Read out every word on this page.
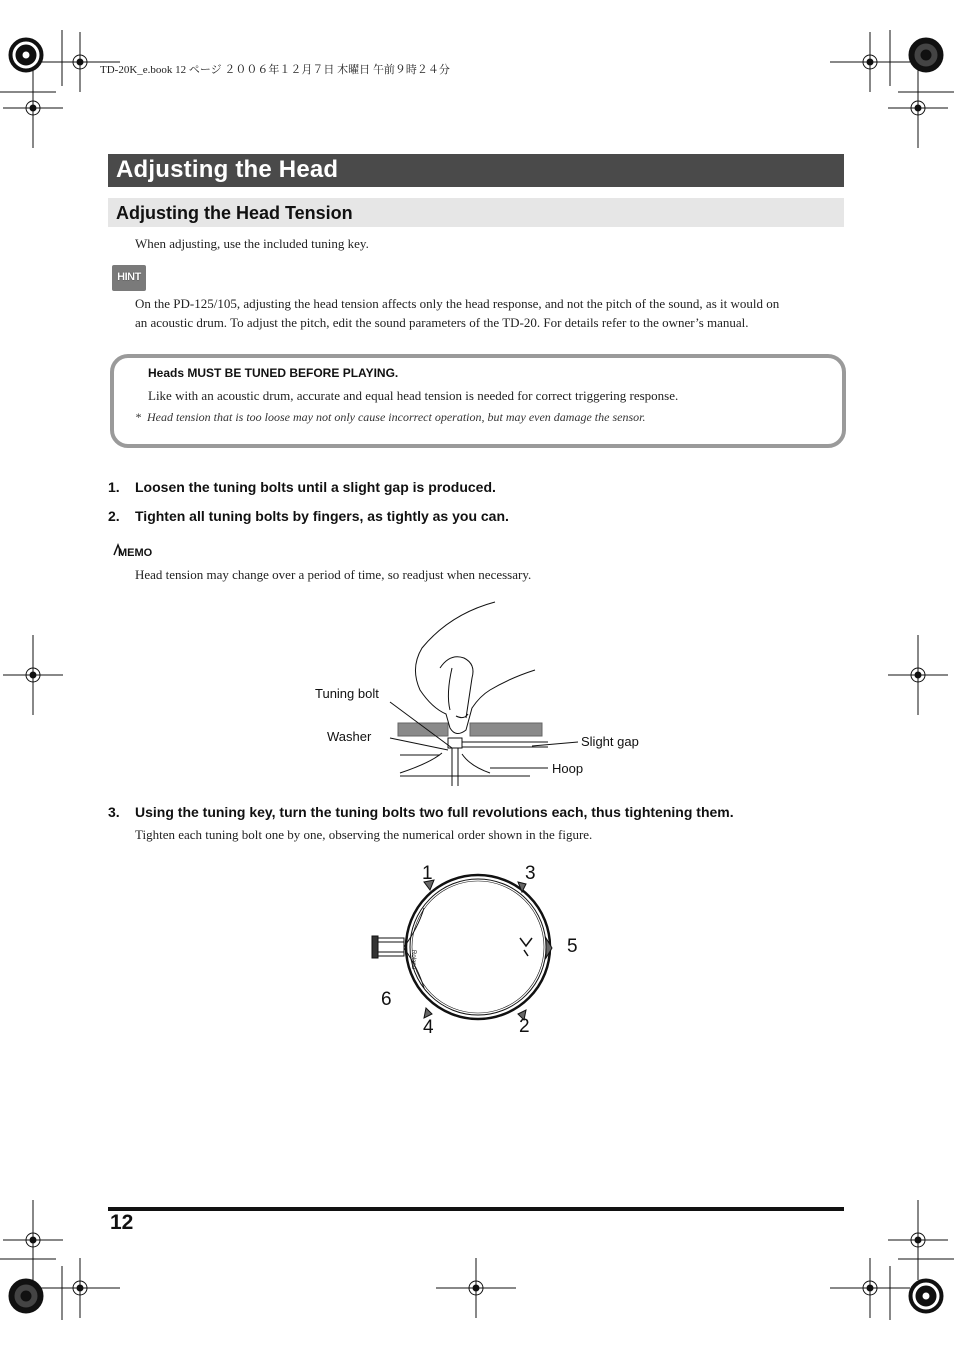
TD-20K_e.book 12 ページ ２００６年１２月７日 木曜日 午前９時２４分
Adjusting the Head
Adjusting the Head Tension
When adjusting, use the included tuning key.
HINT
On the PD-125/105, adjusting the head tension affects only the head response, and not the pitch of the sound, as it would on
an acoustic drum. To adjust the pitch, edit the sound parameters of the TD-20. For details refer to the owner’s manual.
Heads MUST BE TUNED BEFORE PLAYING.
Like with an acoustic drum, accurate and equal head tension is needed for correct triggering response.
* Head tension that is too loose may not only cause incorrect operation, but may even damage the sensor.
1. Loosen the tuning bolts until a slight gap is produced.
2. Tighten all tuning bolts by fingers, as tightly as you can.
MEMO
Head tension may change over a period of time, so readjust when necessary.
Tuning bolt
Washer	Slight gap
Hoop
3. Using the tuning key, turn the tuning bolts two full revolutions each, thus tightening them.
Tighten each tuning bolt one by one, observing the numerical order shown in the figure.
Roland
1
2
3
4
5
6
12
